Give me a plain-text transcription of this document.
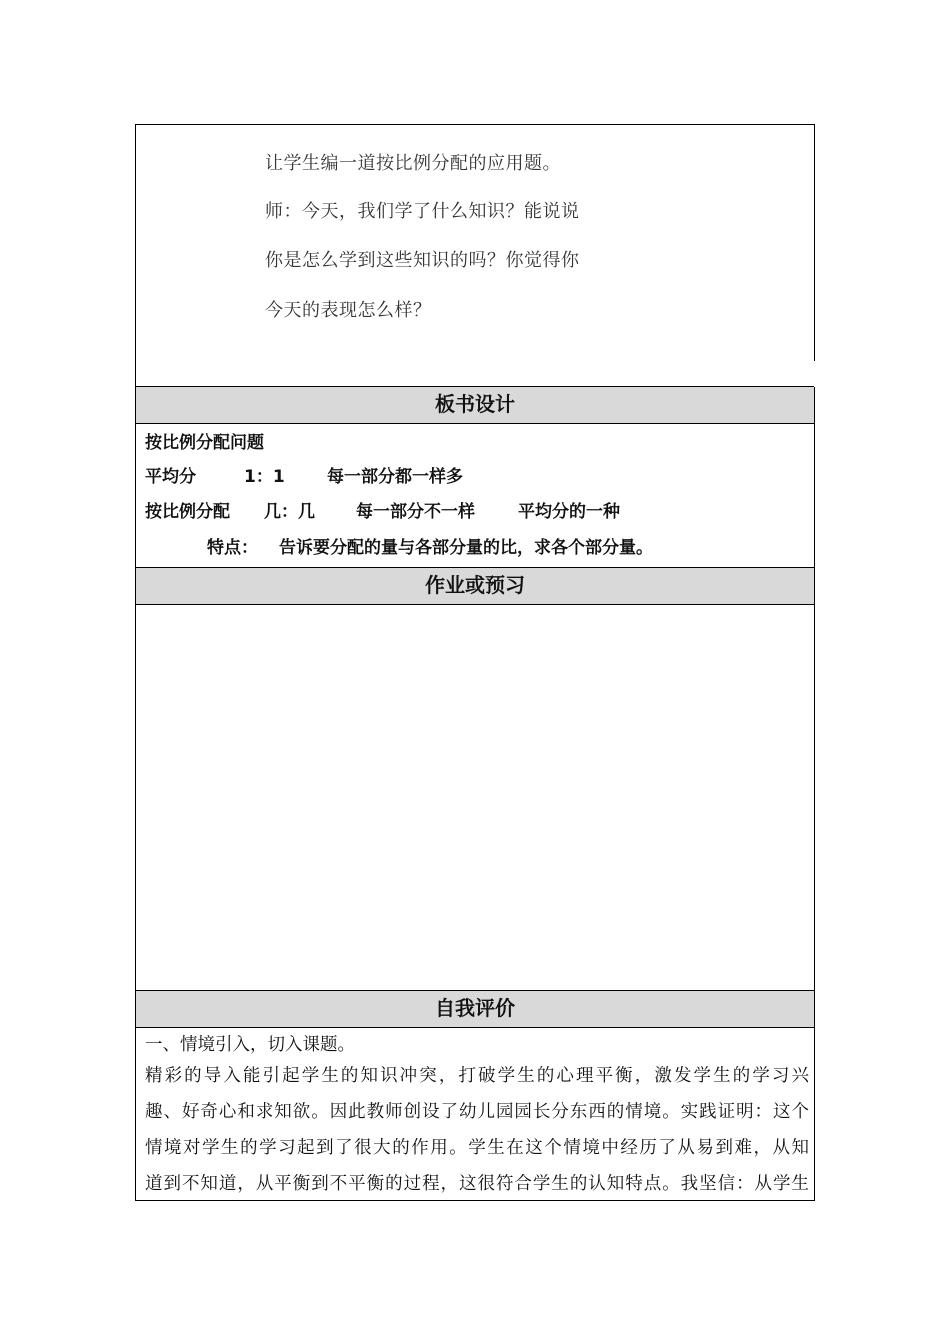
让学生编一道按比例分配的应用题。
师：今天，我们学了什么知识？能说说
你是怎么学到这些知识的吗？你觉得你
今天的表现怎么样？
板书设计
按比例分配问题
平均分	1：1 每一部分都一样多
按比例分配 几：几 每一部分不一样	平均分的一种
特点： 告诉要分配的量与各部分量的比，求各个部分量。
作业或预习
自我评价
一、情境引入，切入课题。
精彩的导入能引起学生的知识冲突，打破学生的心理平衡，激发学生的学习兴
趣、好奇心和求知欲。因此教师创设了幼儿园园长分东西的情境。实践证明：这个
情境对学生的学习起到了很大的作用。学生在这个情境中经历了从易到难，从知
道到不知道，从平衡到不平衡的过程，这很符合学生的认知特点。我坚信：从学生
